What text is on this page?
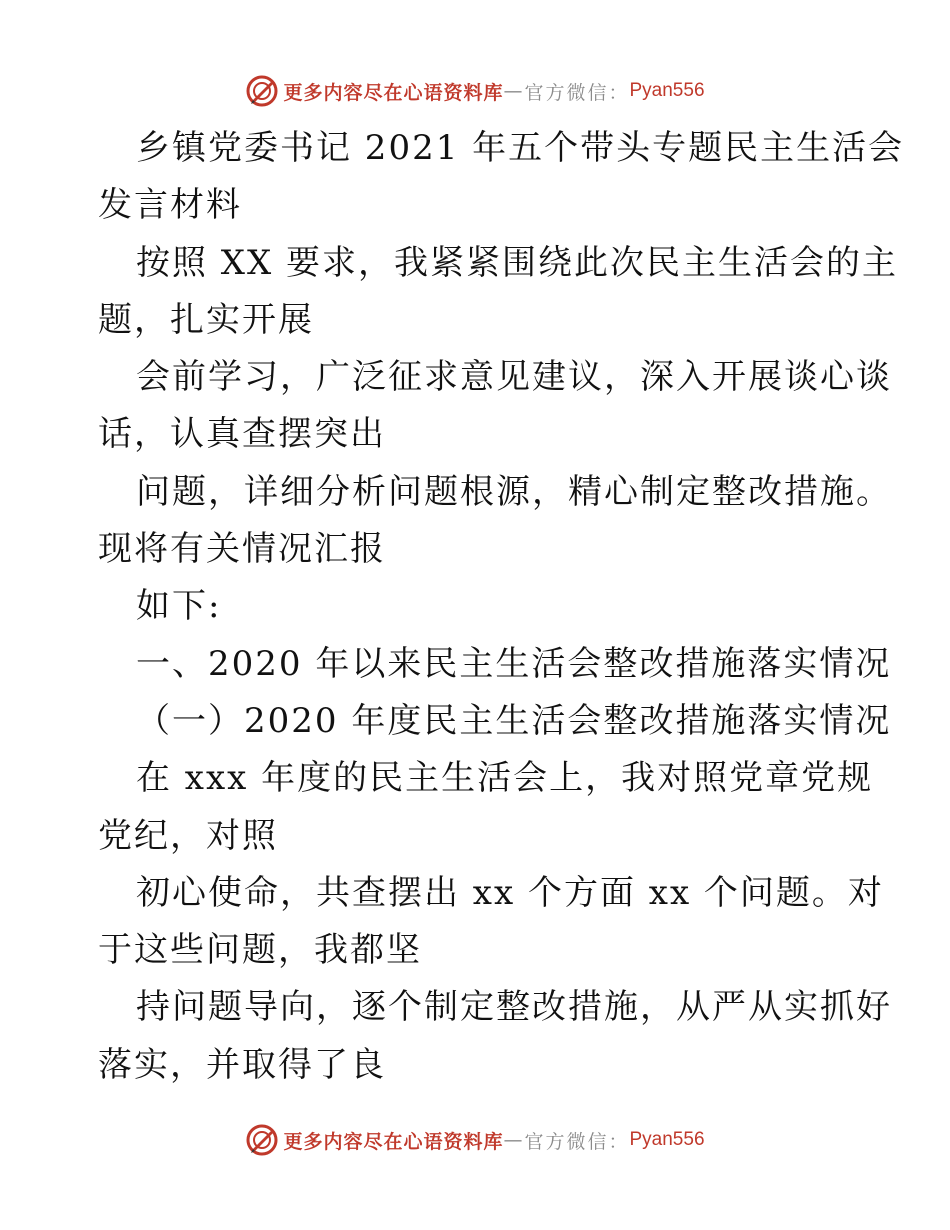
更多内容尽在心语资料库 — 官方微信： Pyan556
乡镇党委书记 2021 年五个带头专题民主生活会
发言材料
按照 XX 要求，我紧紧围绕此次民主生活会的主
题，扎实开展
会前学习，广泛征求意见建议，深入开展谈心谈
话，认真查摆突出
问题，详细分析问题根源，精心制定整改措施。
现将有关情况汇报
如下:
一、2020 年以来民主生活会整改措施落实情况
（一）2020 年度民主生活会整改措施落实情况
在 xxx 年度的民主生活会上，我对照党章党规
党纪，对照
初心使命，共查摆出 xx 个方面 xx 个问题。对
于这些问题，我都坚
持问题导向，逐个制定整改措施，从严从实抓好
落实，并取得了良
更多内容尽在心语资料库 — 官方微信： Pyan556
